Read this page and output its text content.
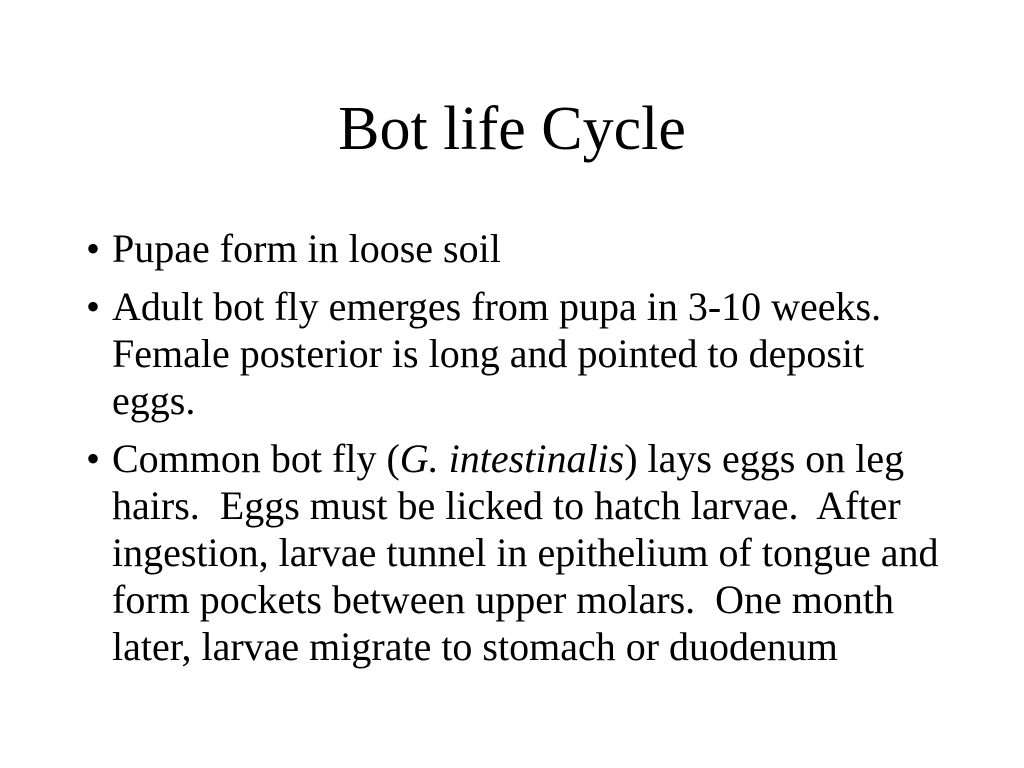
Bot life Cycle
• Pupae form in loose soil
• Adult bot fly emerges from pupa in 3-10 weeks.
Female posterior is long and pointed to deposit
eggs.
• Common bot fly (G. intestinalis) lays eggs on leg
hairs.  Eggs must be licked to hatch larvae.  After
ingestion, larvae tunnel in epithelium of tongue and
form pockets between upper molars.  One month
later, larvae migrate to stomach or duodenum
